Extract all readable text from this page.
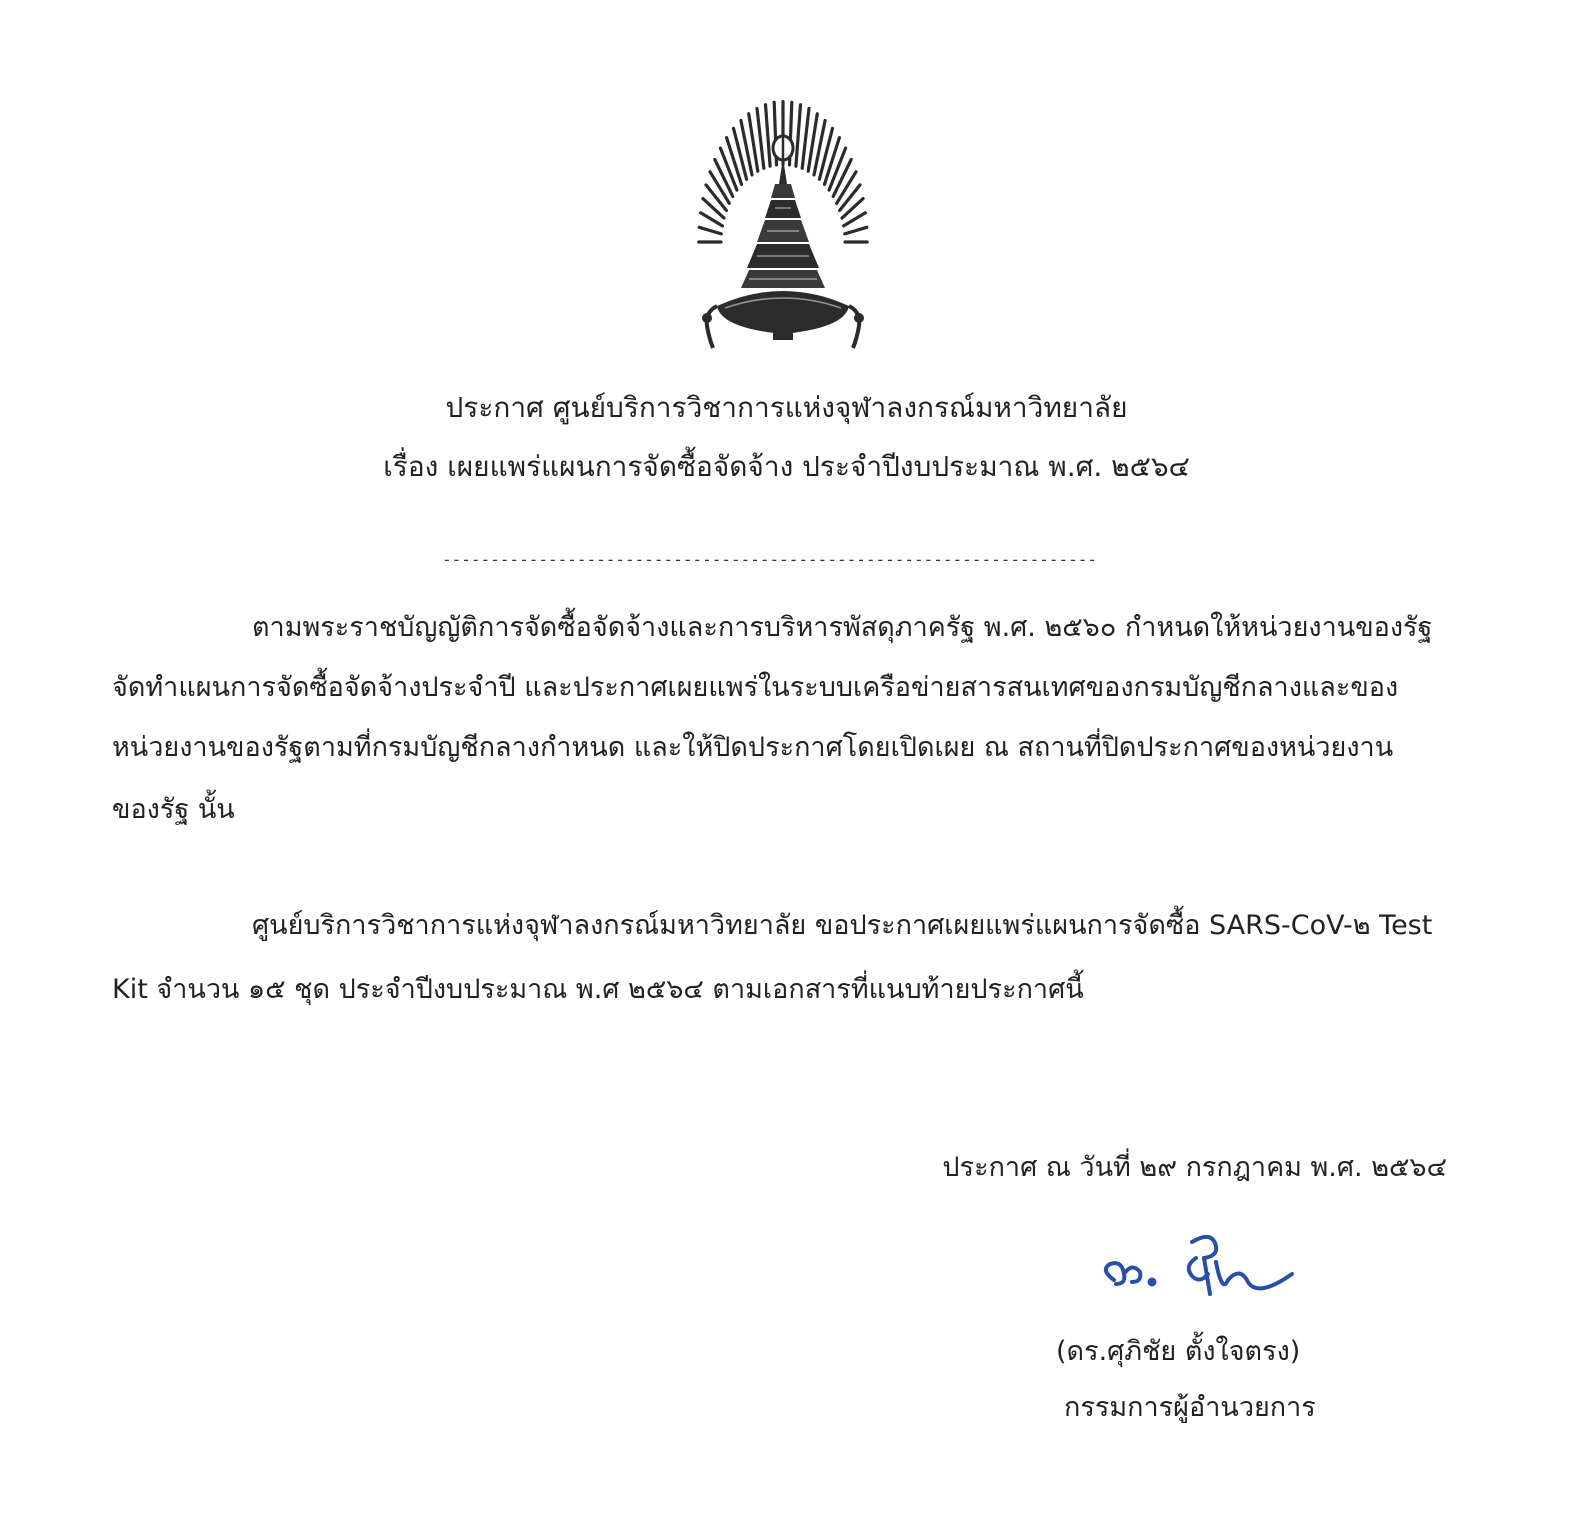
ประกาศ ศูนย์บริการวิชาการแห่งจุฬาลงกรณ์มหาวิทยาลัย
เรื่อง เผยแพร่แผนการจัดซื้อจัดจ้าง ประจำปีงบประมาณ พ.ศ. ๒๕๖๔
--------------------------------------------------------------------
ตามพระราชบัญญัติการจัดซื้อจัดจ้างและการบริหารพัสดุภาครัฐ พ.ศ. ๒๕๖๐ กำหนดให้หน่วยงานของรัฐ
จัดทำแผนการจัดซื้อจัดจ้างประจำปี และประกาศเผยแพร่ในระบบเครือข่ายสารสนเทศของกรมบัญชีกลางและของ
หน่วยงานของรัฐตามที่กรมบัญชีกลางกำหนด และให้ปิดประกาศโดยเปิดเผย ณ สถานที่ปิดประกาศของหน่วยงาน
ของรัฐ นั้น
ศูนย์บริการวิชาการแห่งจุฬาลงกรณ์มหาวิทยาลัย ขอประกาศเผยแพร่แผนการจัดซื้อ SARS-CoV-๒ Test
Kit จำนวน ๑๕ ชุด ประจำปีงบประมาณ พ.ศ ๒๕๖๔ ตามเอกสารที่แนบท้ายประกาศนี้
ประกาศ ณ วันที่ ๒๙ กรกฎาคม พ.ศ. ๒๕๖๔
(ดร.ศุภิชัย ตั้งใจตรง)
กรรมการผู้อำนวยการ
